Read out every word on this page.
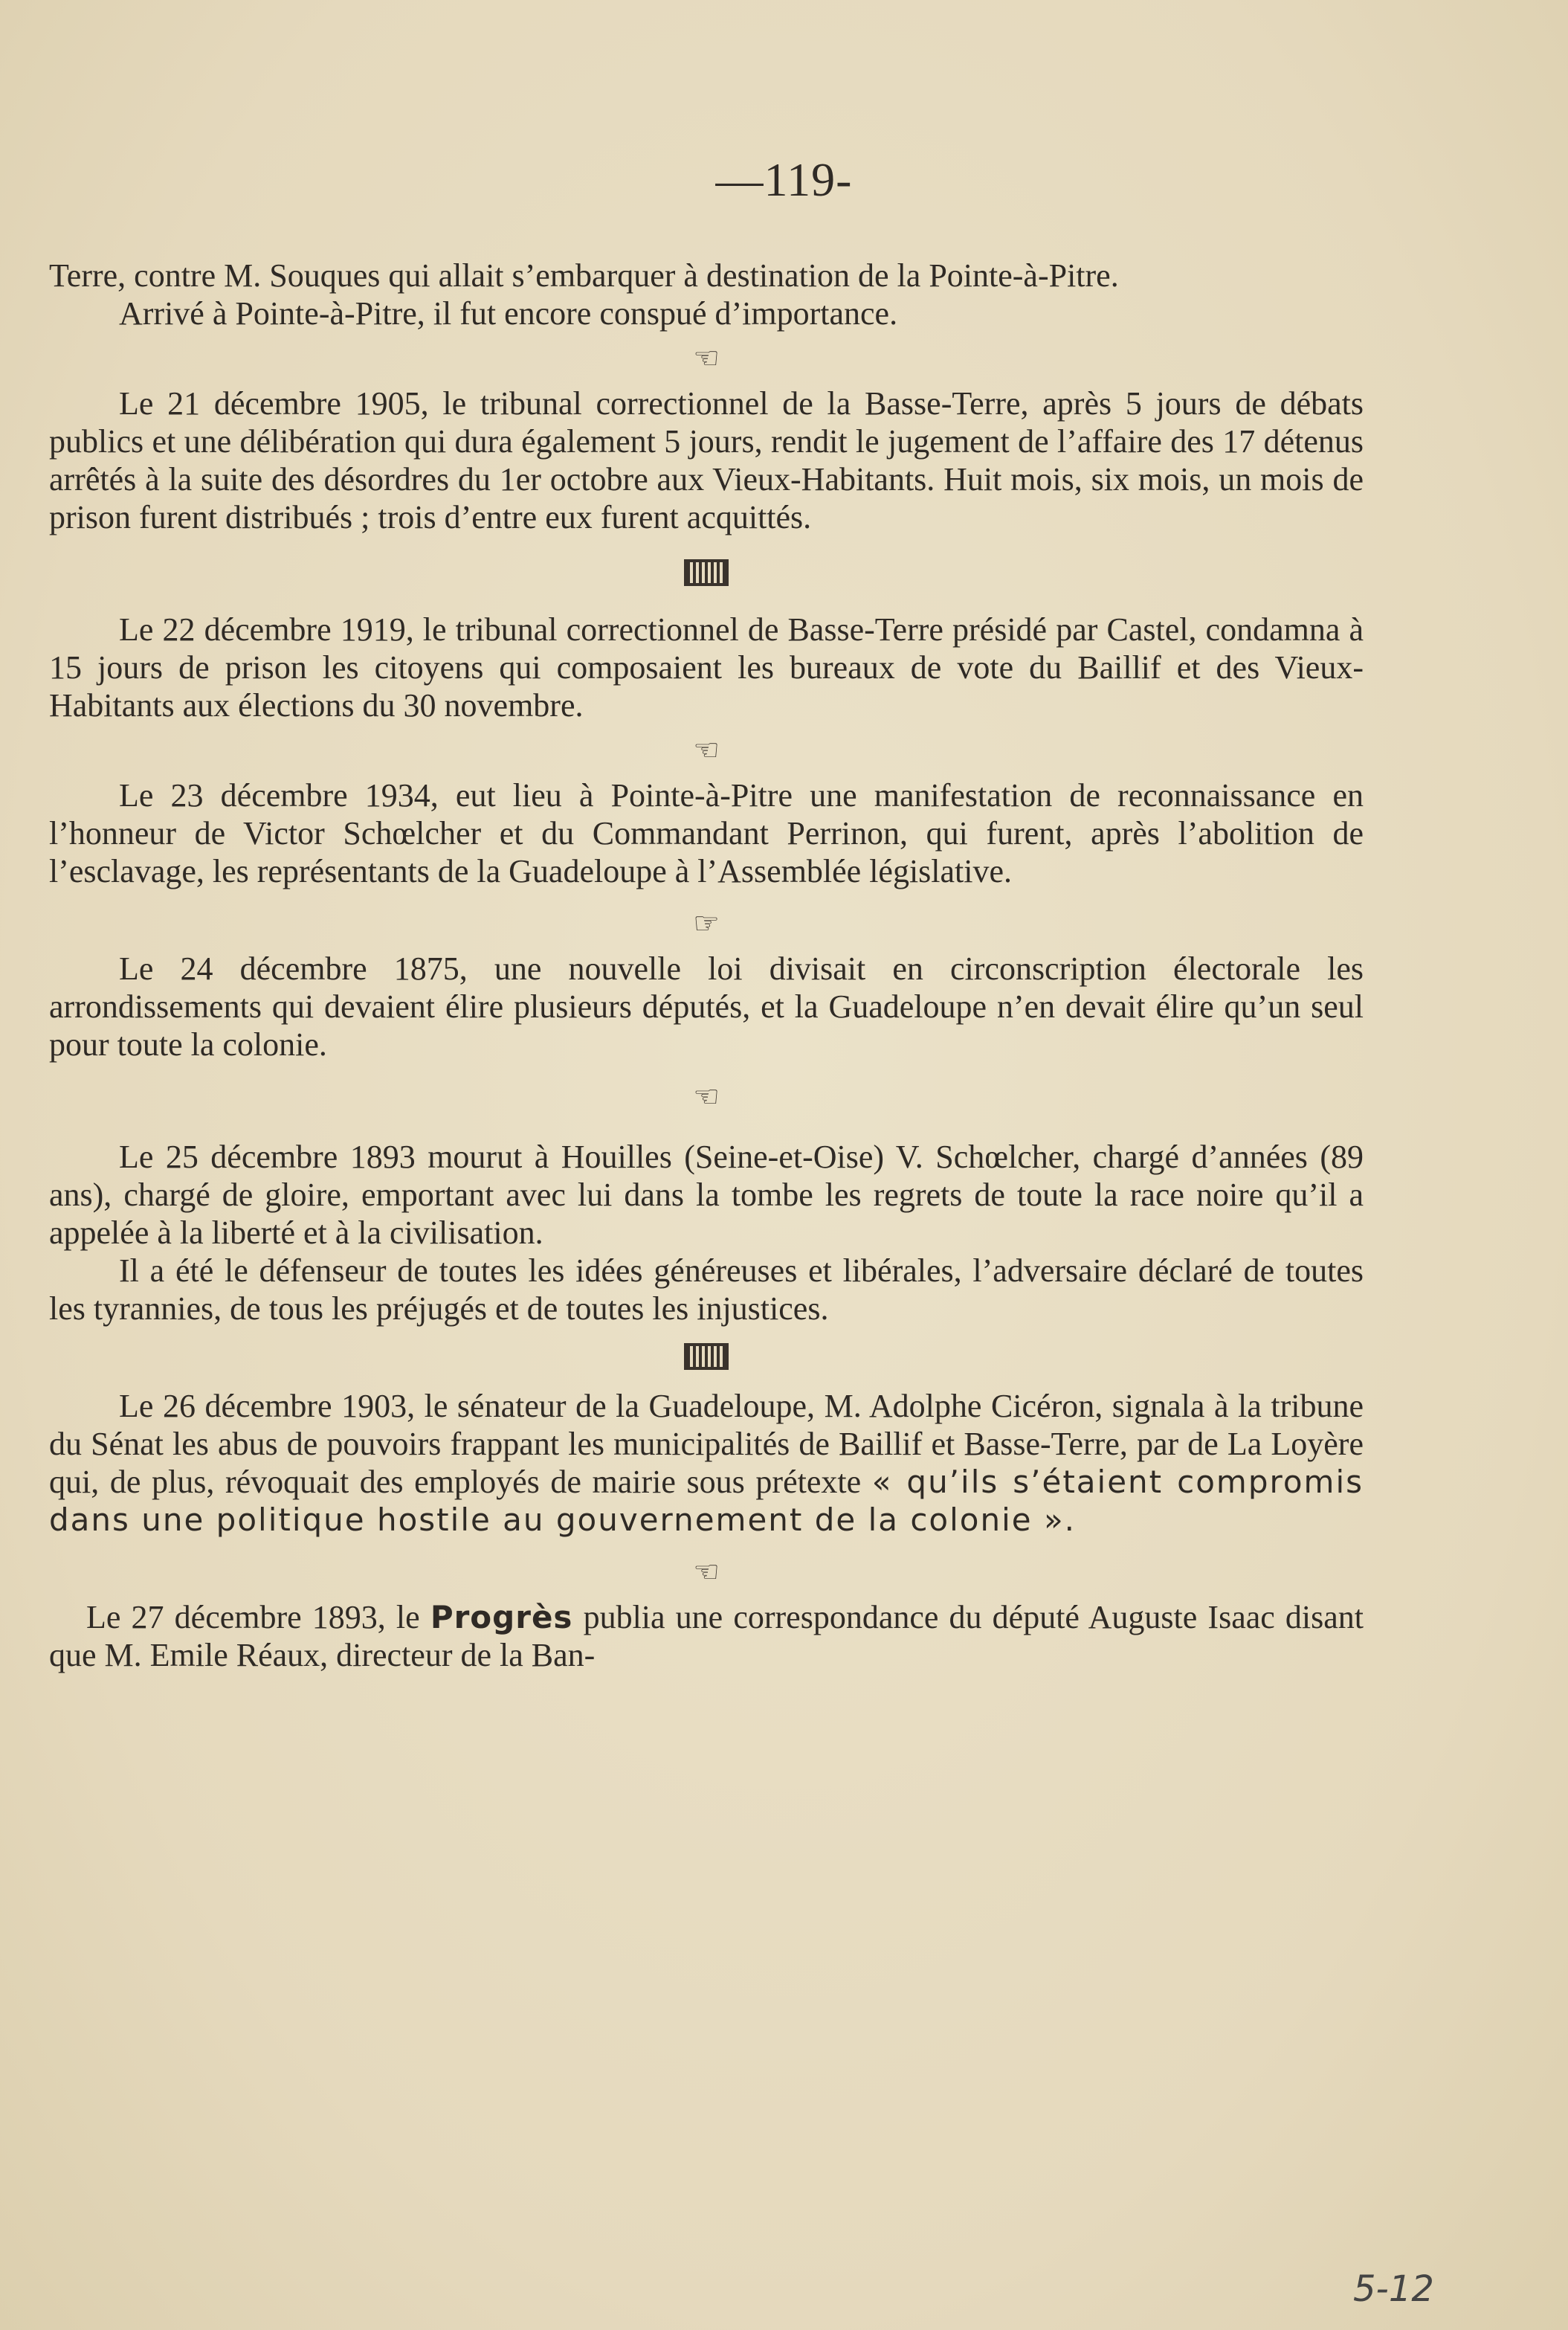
—119-

Terre, contre M. Souques qui allait s’embarquer à destination de la Pointe-à-Pitre.

Arrivé à Pointe-à-Pitre, il fut encore conspué d’importance.

☜

Le 21 décembre 1905, le tribunal correctionnel de la Basse-Terre, après 5 jours de débats publics et une délibération qui dura également 5 jours, rendit le jugement de l’affaire des 17 détenus arrêtés à la suite des désordres du 1er octobre aux Vieux-Habitants. Huit mois, six mois, un mois de prison furent distribués ; trois d’entre eux furent acquittés.

Le 22 décembre 1919, le tribunal correctionnel de Basse-Terre présidé par Castel, condamna à 15 jours de prison les citoyens qui composaient les bureaux de vote du Baillif et des Vieux-Habitants aux élections du 30 novembre.

☜

Le 23 décembre 1934, eut lieu à Pointe-à-Pitre une manifestation de reconnaissance en l’honneur de Victor Schœlcher et du Commandant Perrinon, qui furent, après l’abolition de l’esclavage, les représentants de la Guadeloupe à l’Assemblée législative.

☞

Le 24 décembre 1875, une nouvelle loi divisait en circonscription électorale les arrondissements qui devaient élire plusieurs députés, et la Guadeloupe n’en devait élire qu’un seul pour toute la colonie.

☜

Le 25 décembre 1893 mourut à Houilles (Seine-et-Oise) V. Schœlcher, chargé d’années (89 ans), chargé de gloire, emportant avec lui dans la tombe les regrets de toute la race noire qu’il a appelée à la liberté et à la civilisation.

Il a été le défenseur de toutes les idées généreuses et libérales, l’adversaire déclaré de toutes les tyrannies, de tous les préjugés et de toutes les injustices.

Le 26 décembre 1903, le sénateur de la Guadeloupe, M. Adolphe Cicéron, signala à la tribune du Sénat les abus de pouvoirs frappant les municipalités de Baillif et Basse-Terre, par de La Loyère qui, de plus, révoquait des employés de mairie sous prétexte « qu’ils s’étaient compromis dans une politique hostile au gouvernement de la colonie ».

☜

Le 27 décembre 1893, le Progrès publia une correspondance du député Auguste Isaac disant que M. Emile Réaux, directeur de la Ban-

5-12
